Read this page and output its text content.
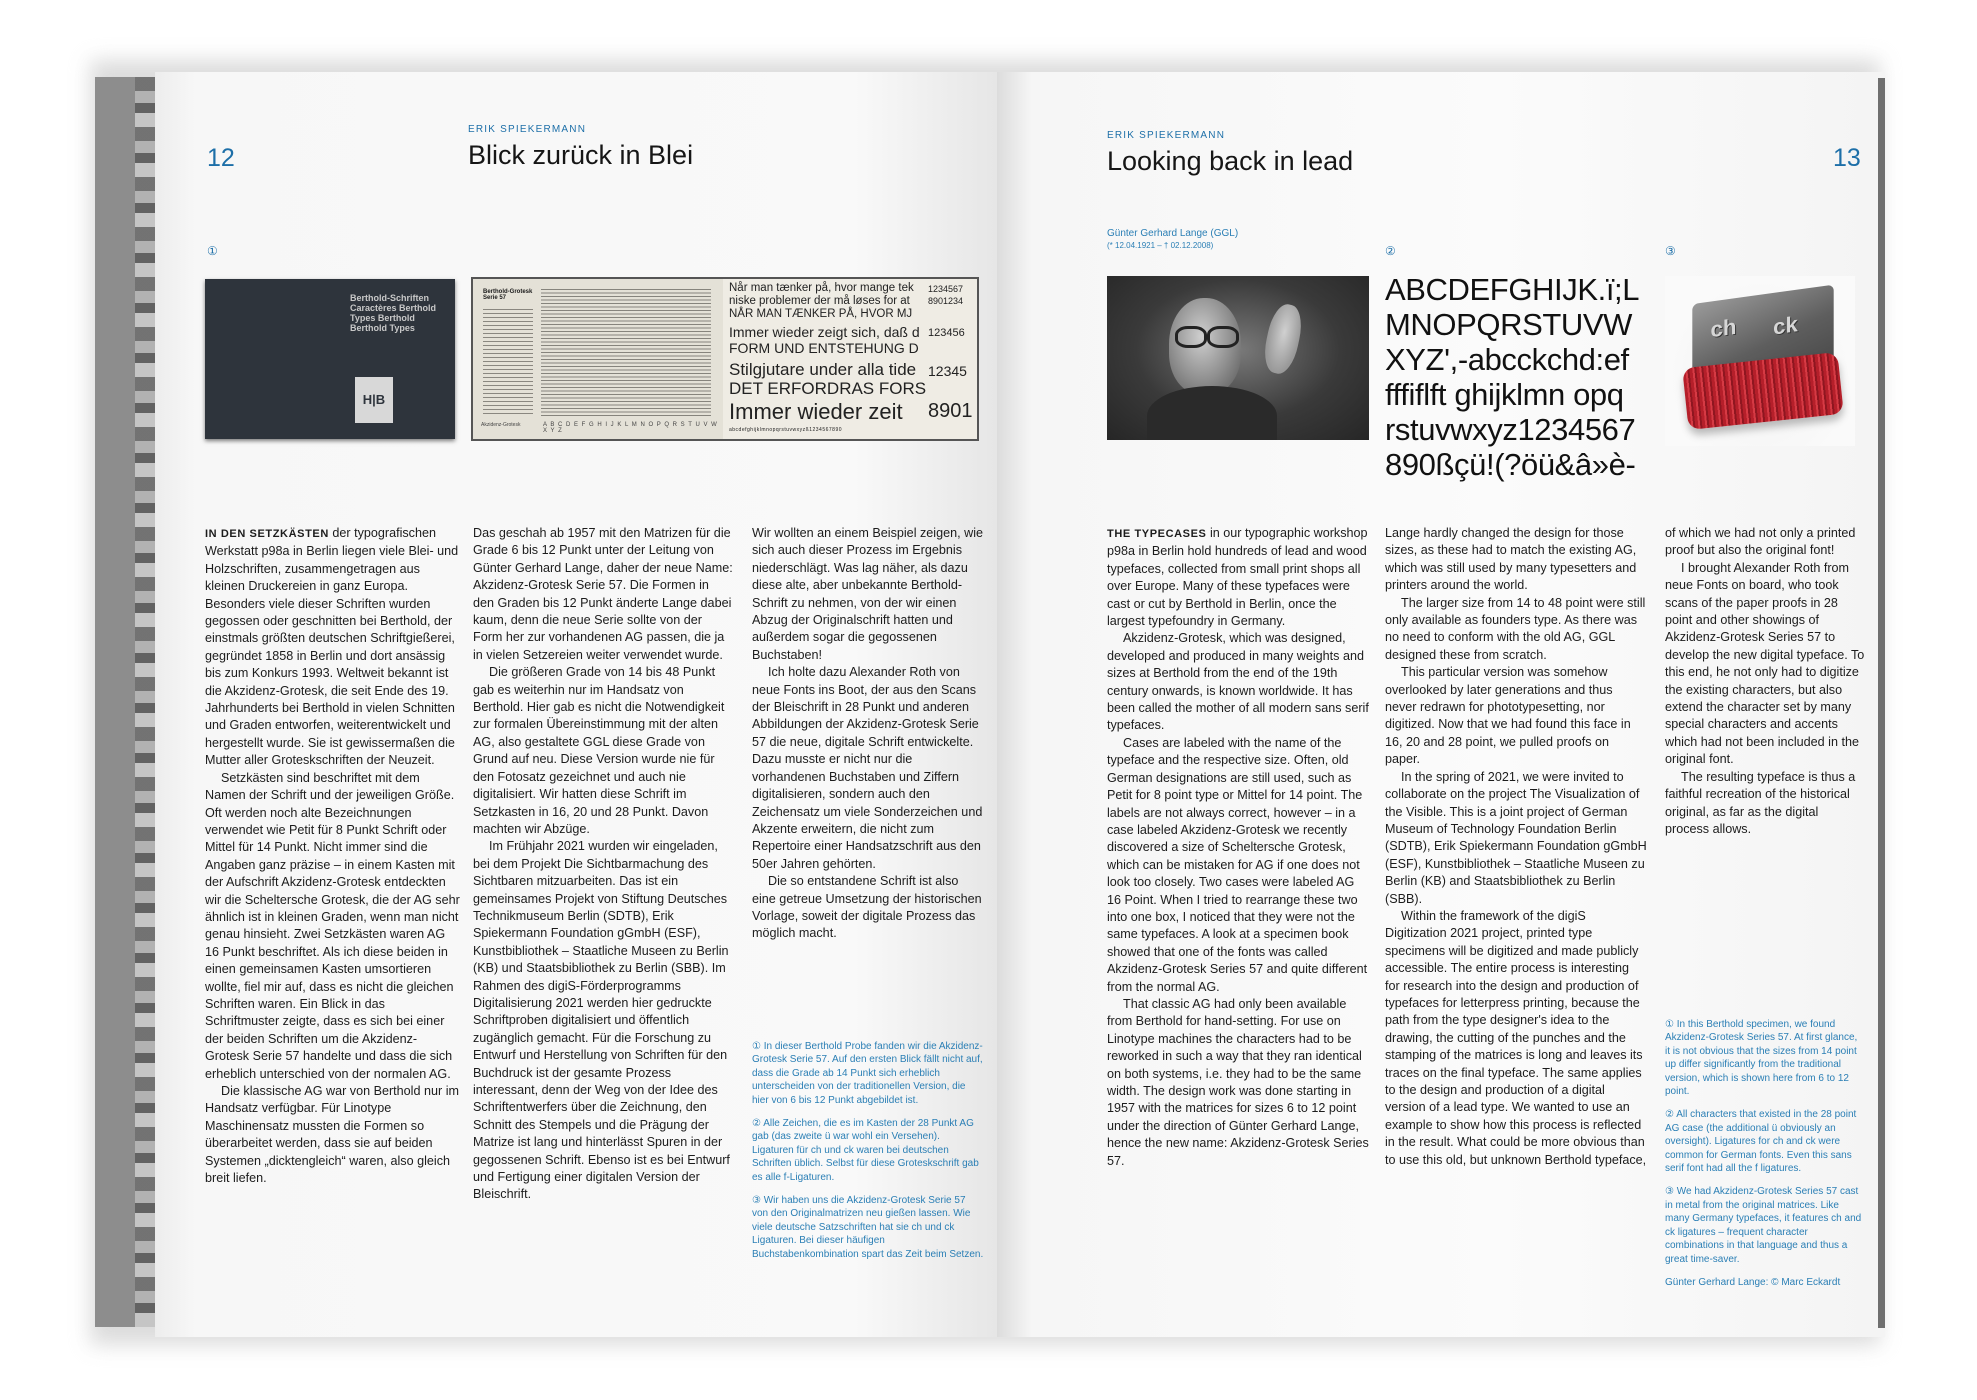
12
ERIK SPIEKERMANN
Blick zurück in Blei
①
Berthold-Schriften
Caractères Berthold
Types Berthold
Berthold Types
H|B
Berthold-Grotesk Serie 57
A B C D E F G H I J K L M N O P Q R S T U V W X Y Z
Akzidenz-Grotesk
Når man tænker på, hvor mange tek
niske problemer der må løses for at
NÅR MAN TÆNKER PÅ, HVOR MJ
Immer wieder zeigt sich, daß d
FORM UND ENTSTEHUNG D
Stilgjutare under alla tide
DET ERFORDRAS FORS
Immer wieder zeit
1234567
8901234
123456
12345
8901
abcdefghijklmnopqrstuvwxyzß1234567890

IN DEN SETZKÄSTEN der typografischen Werkstatt p98a in Berlin liegen viele Blei- und Holzschriften, zusammengetragen aus kleinen Druckereien in ganz Europa. Besonders viele dieser Schriften wurden gegossen oder geschnitten bei Berthold, der einstmals größten deutschen Schriftgießerei, gegründet 1858 in Berlin und dort ansässig bis zum Konkurs 1993. Weltweit bekannt ist die Akzidenz-Grotesk, die seit Ende des 19. Jahrhunderts bei Berthold in vielen Schnitten und Graden entworfen, weiterentwickelt und hergestellt wurde. Sie ist gewissermaßen die Mutter aller Groteskschriften der Neuzeit.

Setzkästen sind beschriftet mit dem Namen der Schrift und der jeweiligen Größe. Oft werden noch alte Bezeichnungen verwendet wie Petit für 8 Punkt Schrift oder Mittel für 14 Punkt. Nicht immer sind die Angaben ganz präzise – in einem Kasten mit der Aufschrift Akzidenz-Grotesk entdeckten wir die Scheltersche Grotesk, die der AG sehr ähnlich ist in kleinen Graden, wenn man nicht genau hinsieht. Zwei Setzkästen waren AG 16 Punkt beschriftet. Als ich diese beiden in einen gemeinsamen Kasten umsortieren wollte, fiel mir auf, dass es nicht die gleichen Schriften waren. Ein Blick in das Schriftmuster zeigte, dass es sich bei einer der beiden Schriften um die Akzidenz-Grotesk Serie 57 handelte und dass die sich erheblich unterschied von der normalen AG.

Die klassische AG war von Berthold nur im Handsatz verfügbar. Für Linotype Maschinensatz mussten die Formen so überarbeitet werden, dass sie auf beiden Systemen „dicktengleich“ waren, also gleich breit liefen.

Das geschah ab 1957 mit den Matrizen für die Grade 6 bis 12 Punkt unter der Leitung von Günter Gerhard Lange, daher der neue Name: Akzidenz-Grotesk Serie 57. Die Formen in den Graden bis 12 Punkt änderte Lange dabei kaum, denn die neue Serie sollte von der Form her zur vorhandenen AG passen, die ja in vielen Setzereien weiter verwendet wurde.

Die größeren Grade von 14 bis 48 Punkt gab es weiterhin nur im Handsatz von Berthold. Hier gab es nicht die Notwendigkeit zur formalen Übereinstimmung mit der alten AG, also gestaltete GGL diese Grade von Grund auf neu. Diese Version wurde nie für den Fotosatz gezeichnet und auch nie digitalisiert. Wir hatten diese Schrift im Setzkasten in 16, 20 und 28 Punkt. Davon machten wir Abzüge.

Im Frühjahr 2021 wurden wir eingeladen, bei dem Projekt Die Sichtbarmachung des Sichtbaren mitzuarbeiten. Das ist ein gemeinsames Projekt von Stiftung Deutsches Technikmuseum Berlin (SDTB), Erik Spiekermann Foundation gGmbH (ESF), Kunstbibliothek – Staatliche Museen zu Berlin (KB) und Staatsbibliothek zu Berlin (SBB). Im Rahmen des digiS-Förderprogramms Digitalisierung 2021 werden hier gedruckte Schriftproben digitalisiert und öffentlich zugänglich gemacht. Für die Forschung zu Entwurf und Herstellung von Schriften für den Buchdruck ist der gesamte Prozess interessant, denn der Weg von der Idee des Schriftentwerfers über die Zeichnung, den Schnitt des Stempels und die Prägung der Matrize ist lang und hinterlässt Spuren in der gegossenen Schrift. Ebenso ist es bei Entwurf und Fertigung einer digitalen Version der Bleischrift.

Wir wollten an einem Beispiel zeigen, wie sich auch dieser Prozess im Ergebnis niederschlägt. Was lag näher, als dazu diese alte, aber unbekannte Berthold-Schrift zu nehmen, von der wir einen Abzug der Originalschrift hatten und außerdem sogar die gegossenen Buchstaben!

Ich holte dazu Alexander Roth von neue Fonts ins Boot, der aus den Scans der Bleischrift in 28 Punkt und anderen Abbildungen der Akzidenz-Grotesk Serie 57 die neue, digitale Schrift entwickelte. Dazu musste er nicht nur die vorhandenen Buchstaben und Ziffern digitalisieren, sondern auch den Zeichensatz um viele Sonderzeichen und Akzente erweitern, die nicht zum Repertoire einer Handsatzschrift aus den 50er Jahren gehörten.

Die so entstandene Schrift ist also eine getreue Umsetzung der historischen Vorlage, soweit der digitale Prozess das möglich macht.

① In dieser Berthold Probe fanden wir die Akzidenz-Grotesk Serie 57. Auf den ersten Blick fällt nicht auf, dass die Grade ab 14 Punkt sich erheblich unterscheiden von der traditionellen Version, die hier von 6 bis 12 Punkt abgebildet ist.

② Alle Zeichen, die es im Kasten der 28 Punkt AG gab (das zweite ü war wohl ein Versehen). Ligaturen für ch und ck waren bei deutschen Schriften üblich. Selbst für diese Groteskschrift gab es alle f-Ligaturen.

③ Wir haben uns die Akzidenz-Grotesk Serie 57 von den Originalmatrizen neu gießen lassen. Wie viele deutsche Satzschriften hat sie ch und ck Ligaturen. Bei dieser häufigen Buchstabenkombination spart das Zeit beim Setzen.

ERIK SPIEKERMANN
Looking back in lead	13
Günter Gerhard Lange (GGL)
(* 12.04.1921 – † 02.12.2008)	②	③
ABCDEFGHIJK.ï;L
MNOPQRSTUVW
XYZ',-abcckchd:ef
fffiflft ghijklmn opq
rstuvwxyz1234567
890ßçü!(?öü&â»è-
ch ck

THE TYPECASES in our typographic workshop p98a in Berlin hold hundreds of lead and wood typefaces, collected from small print shops all over Europe. Many of these typefaces were cast or cut by Berthold in Berlin, once the largest typefoundry in Germany.

Akzidenz-Grotesk, which was designed, developed and produced in many weights and sizes at Berthold from the end of the 19th century onwards, is known worldwide. It has been called the mother of all modern sans serif typefaces.

Cases are labeled with the name of the typeface and the respective size. Often, old German designations are still used, such as Petit for 8 point type or Mittel for 14 point. The labels are not always correct, however – in a case labeled Akzidenz-Grotesk we recently discovered a size of Scheltersche Grotesk, which can be mistaken for AG if one does not look too closely. Two cases were labeled AG 16 Point. When I tried to rearrange these two into one box, I noticed that they were not the same typefaces. A look at a specimen book showed that one of the fonts was called Akzidenz-Grotesk Series 57 and quite different from the normal AG.

That classic AG had only been available from Berthold for hand-setting. For use on Linotype machines the characters had to be reworked in such a way that they ran identical on both systems, i.e. they had to be the same width. The design work was done starting in 1957 with the matrices for sizes 6 to 12 point under the direction of Günter Gerhard Lange, hence the new name: Akzidenz-Grotesk Series 57.

Lange hardly changed the design for those sizes, as these had to match the existing AG, which was still used by many typesetters and printers around the world.

The larger size from 14 to 48 point were still only available as founders type. As there was no need to conform with the old AG, GGL designed these from scratch.

This particular version was somehow overlooked by later generations and thus never redrawn for phototypesetting, nor digitized. Now that we had found this face in 16, 20 and 28 point, we pulled proofs on paper.

In the spring of 2021, we were invited to collaborate on the project The Visualization of the Visible. This is a joint project of German Museum of Technology Foundation Berlin (SDTB), Erik Spiekermann Foundation gGmbH (ESF), Kunstbibliothek – Staatliche Museen zu Berlin (KB) and Staatsbibliothek zu Berlin (SBB).

Within the framework of the digiS Digitization 2021 project, printed type specimens will be digitized and made publicly accessible. The entire process is interesting for research into the design and production of typefaces for letterpress printing, because the path from the type designer's idea to the drawing, the cutting of the punches and the stamping of the matrices is long and leaves its traces on the final typeface. The same applies to the design and production of a digital version of a lead type. We wanted to use an example to show how this process is reflected in the result. What could be more obvious than to use this old, but unknown Berthold typeface,

of which we had not only a printed proof but also the original font!

I brought Alexander Roth from neue Fonts on board, who took scans of the paper proofs in 28 point and other showings of Akzidenz-Grotesk Series 57 to develop the new digital typeface. To this end, he not only had to digitize the existing characters, but also extend the character set by many special characters and accents which had not been included in the original font.

The resulting typeface is thus a faithful recreation of the historical original, as far as the digital process allows.

① In this Berthold specimen, we found Akzidenz-Grotesk Series 57. At first glance, it is not obvious that the sizes from 14 point up differ significantly from the traditional version, which is shown here from 6 to 12 point.

② All characters that existed in the 28 point AG case (the additional ü obviously an oversight). Ligatures for ch and ck were common for German fonts. Even this sans serif font had all the f ligatures.

③ We had Akzidenz-Grotesk Series 57 cast in metal from the original matrices. Like many Germany typefaces, it features ch and ck ligatures – frequent character combinations in that language and thus a great time-saver.

Günter Gerhard Lange: © Marc Eckardt
